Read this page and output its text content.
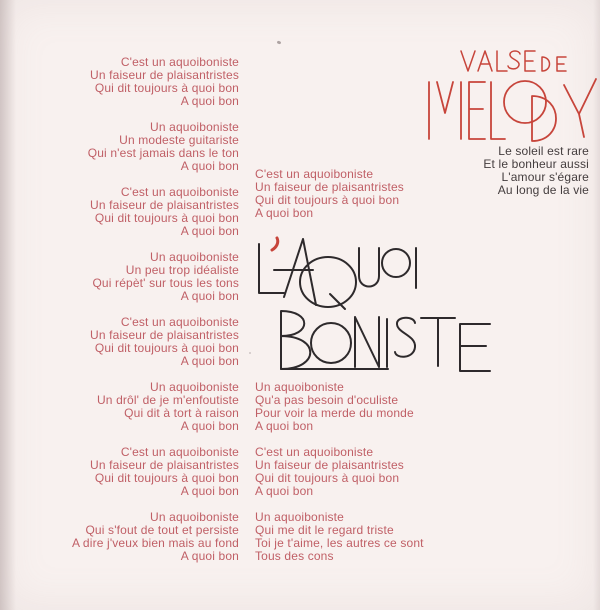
C'est un aquoiboniste
Un faiseur de plaisantristes
Qui dit toujours à quoi bon
A quoi bon

Un aquoiboniste
Un modeste guitariste
Qui n'est jamais dans le ton
A quoi bon

C'est un aquoiboniste
Un faiseur de plaisantristes
Qui dit toujours à quoi bon
A quoi bon

Un aquoiboniste
Un peu trop idéaliste
Qui répèt' sur tous les tons
A quoi bon

C'est un aquoiboniste
Un faiseur de plaisantristes
Qui dit toujours à quoi bon
A quoi bon

Un aquoiboniste
Un drôl' de je m'enfoutiste
Qui dit à tort à raison
A quoi bon

C'est un aquoiboniste
Un faiseur de plaisantristes
Qui dit toujours à quoi bon
A quoi bon

Un aquoiboniste
Qui s'fout de tout et persiste
A dire j'veux bien mais au fond
A quoi bon

C'est un aquoiboniste
Un faiseur de plaisantristes
Qui dit toujours à quoi bon
A quoi bon

Un aquoiboniste
Qu'a pas besoin d'oculiste
Pour voir la merde du monde
A quoi bon

C'est un aquoiboniste
Un faiseur de plaisantristes
Qui dit toujours à quoi bon
A quoi bon

Un aquoiboniste
Qui me dit le regard triste
Toi je t'aime, les autres ce sont
Tous des cons

Le soleil est rare
Et le bonheur aussi
L'amour s'égare
Au long de la vie
